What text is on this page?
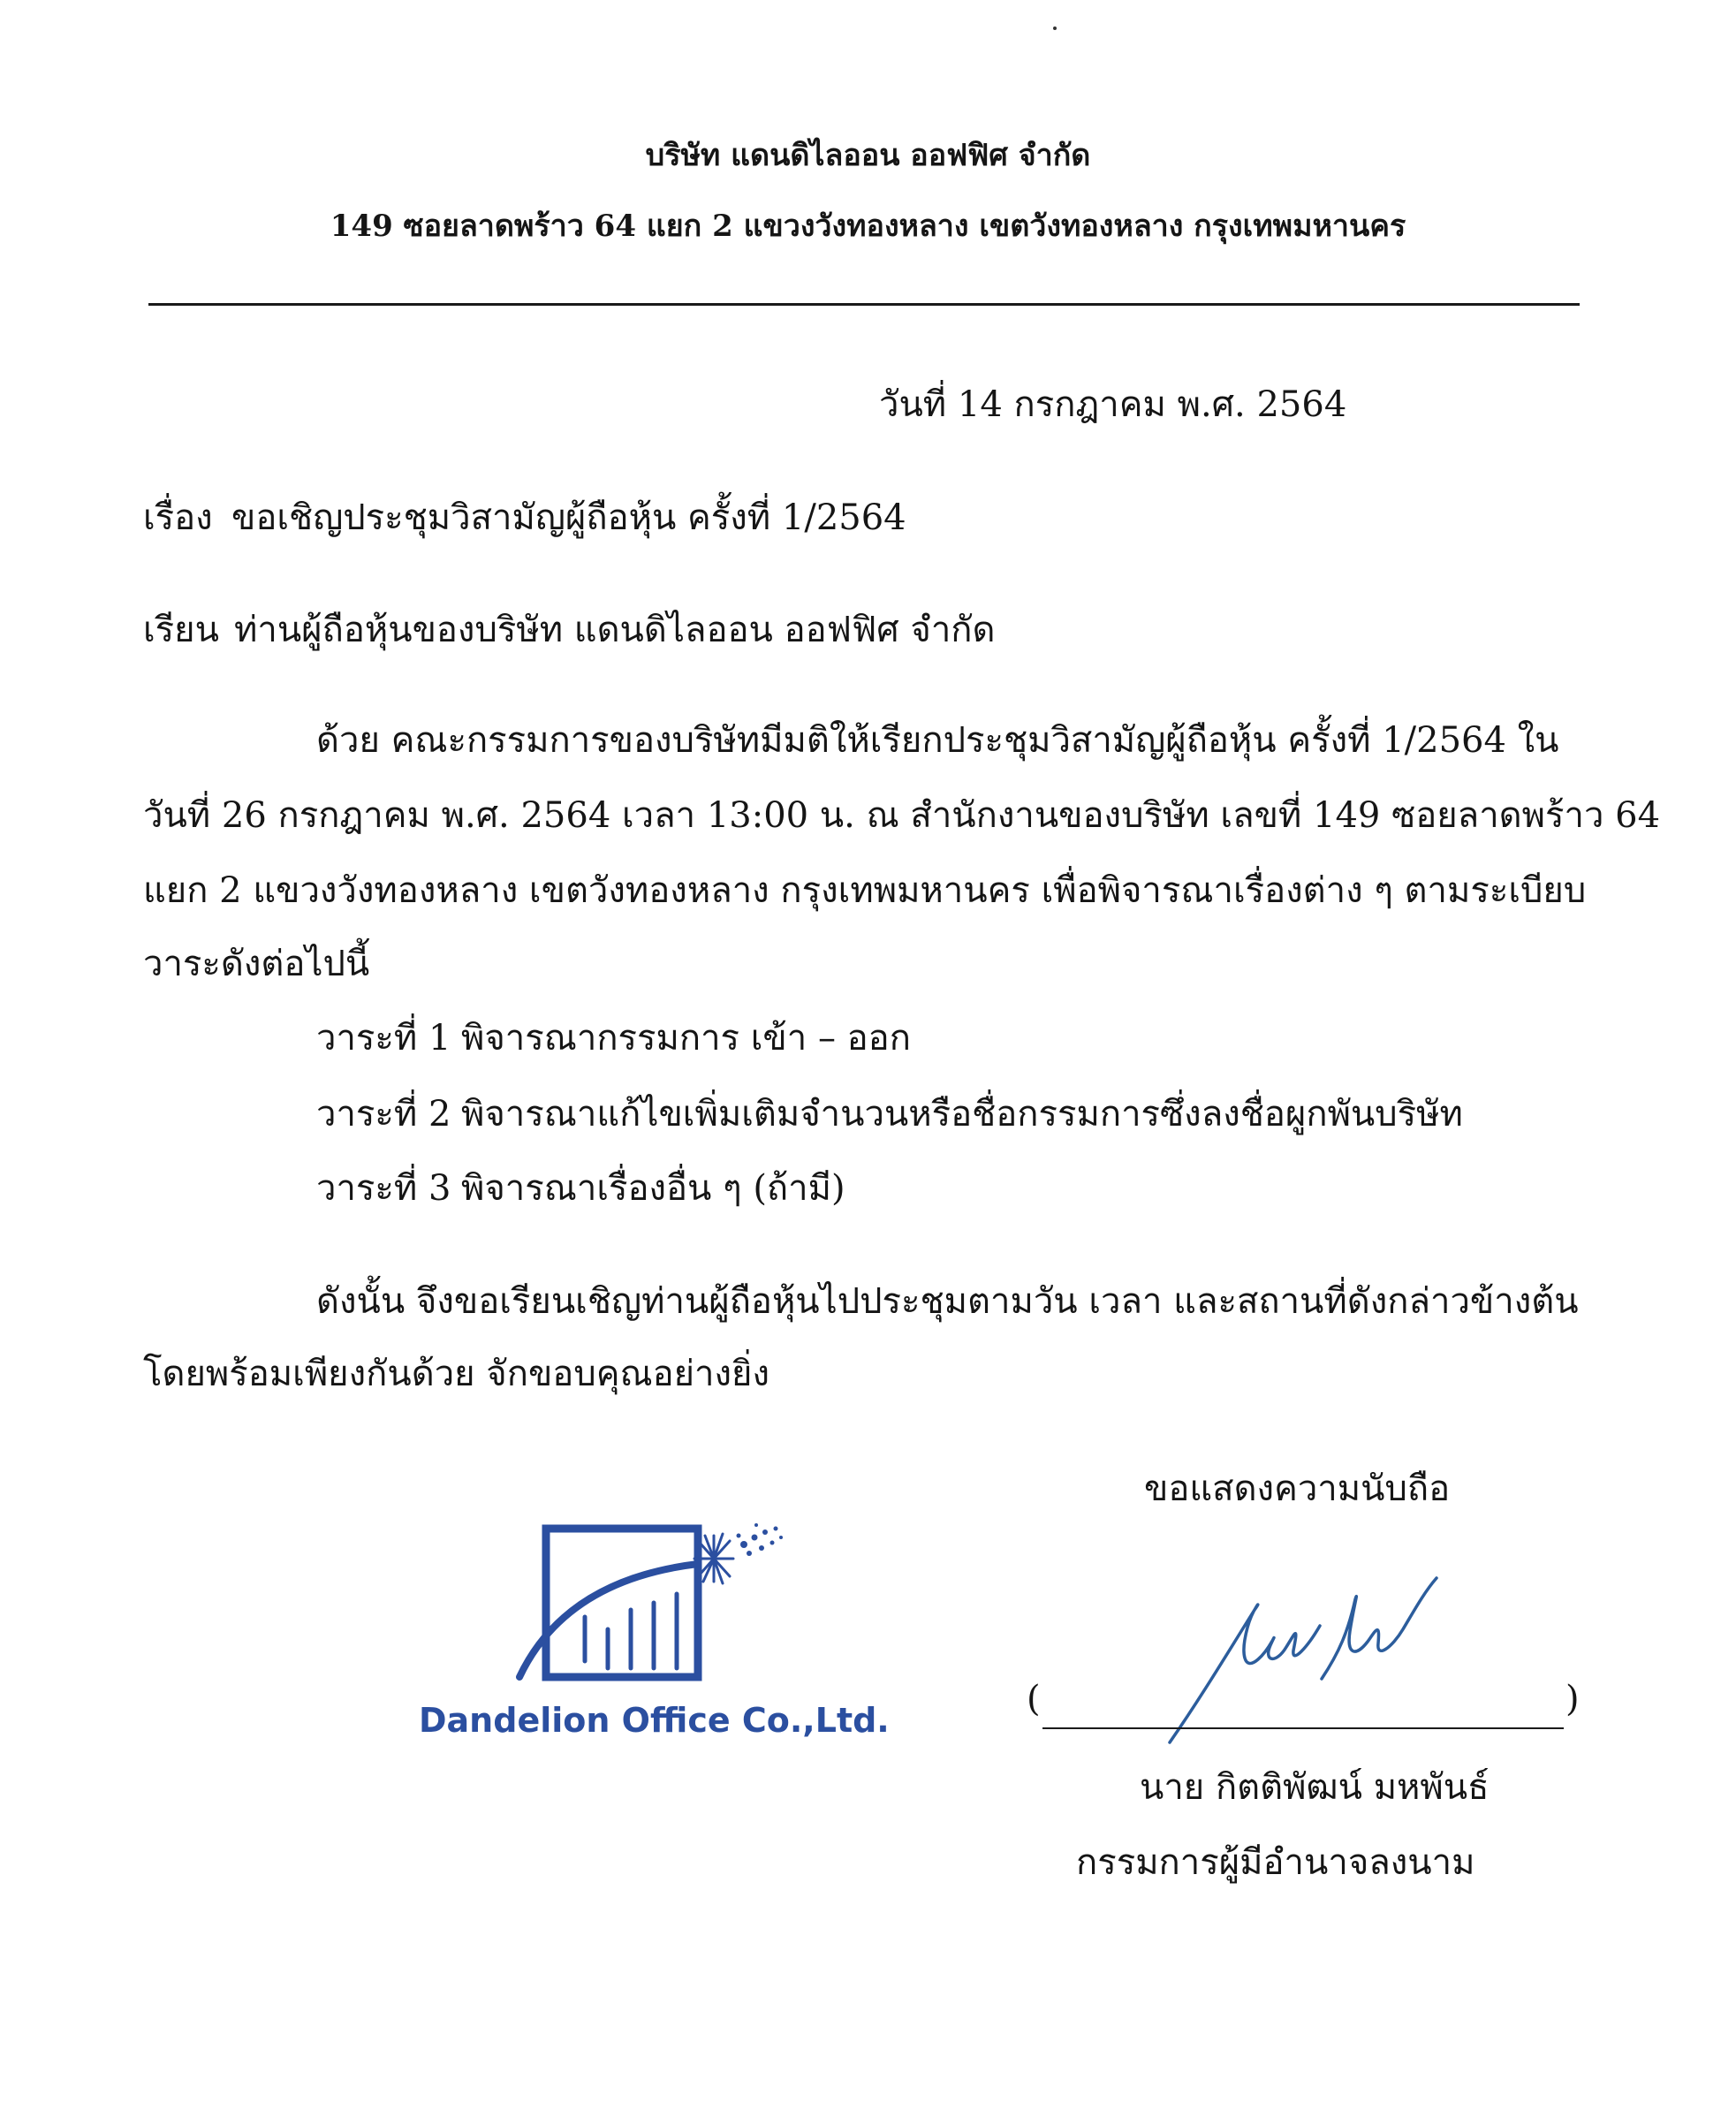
บริษัท แดนดิไลออน ออฟฟิศ จำกัด
149 ซอยลาดพร้าว 64 แยก 2 แขวงวังทองหลาง เขตวังทองหลาง กรุงเทพมหานคร
วันที่ 14 กรกฎาคม พ.ศ. 2564
เรื่อง ขอเชิญประชุมวิสามัญผู้ถือหุ้น ครั้งที่ 1/2564
เรียน ท่านผู้ถือหุ้นของบริษัท แดนดิไลออน ออฟฟิศ จำกัด
ด้วย คณะกรรมการของบริษัทมีมติให้เรียกประชุมวิสามัญผู้ถือหุ้น ครั้งที่ 1/2564 ใน
วันที่ 26 กรกฎาคม พ.ศ. 2564 เวลา 13:00 น. ณ สำนักงานของบริษัท เลขที่ 149 ซอยลาดพร้าว 64
แยก 2 แขวงวังทองหลาง เขตวังทองหลาง กรุงเทพมหานคร เพื่อพิจารณาเรื่องต่าง ๆ ตามระเบียบ
วาระดังต่อไปนี้
วาระที่ 1 พิจารณากรรมการ เข้า – ออก
วาระที่ 2 พิจารณาแก้ไขเพิ่มเติมจำนวนหรือชื่อกรรมการซึ่งลงชื่อผูกพันบริษัท
วาระที่ 3 พิจารณาเรื่องอื่น ๆ (ถ้ามี)
ดังนั้น จึงขอเรียนเชิญท่านผู้ถือหุ้นไปประชุมตามวัน เวลา และสถานที่ดังกล่าวข้างต้น
โดยพร้อมเพียงกันด้วย จักขอบคุณอย่างยิ่ง
ขอแสดงความนับถือ
Dandelion Office Co.,Ltd.
(	)
นาย กิตติพัฒน์ มหพันธ์
กรรมการผู้มีอำนาจลงนาม
